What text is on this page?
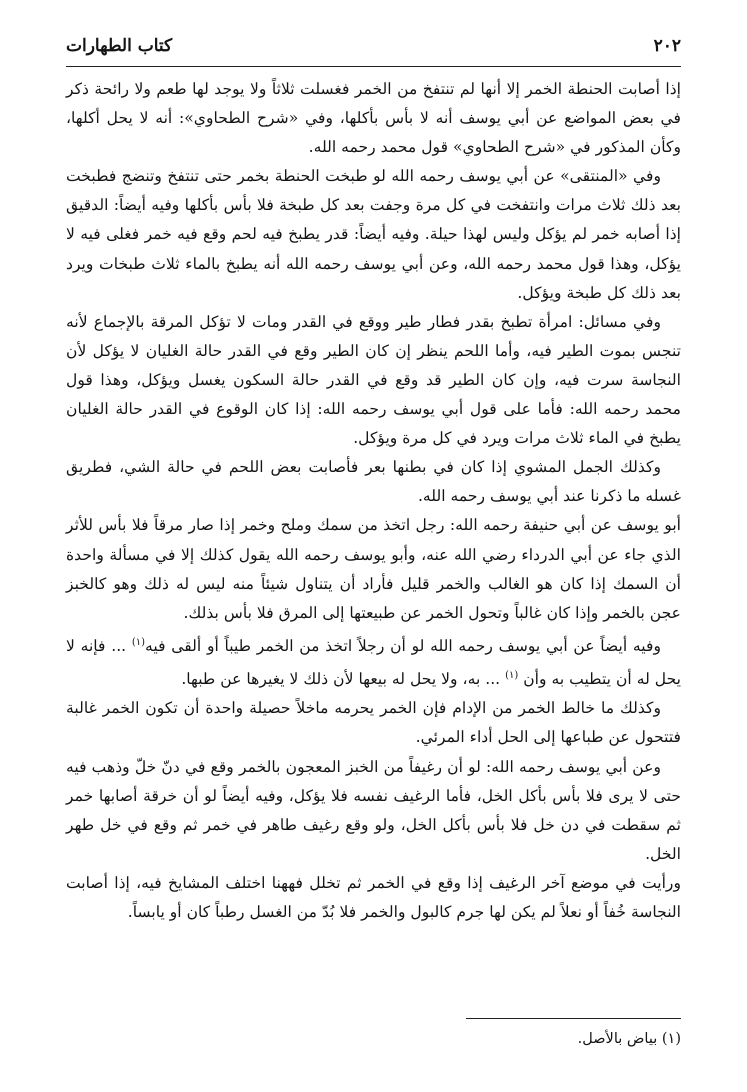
٢٠٢
كتاب الطهارات

إذا أصابت الحنطة الخمر إلا أنها لم تنتفخ من الخمر فغسلت ثلاثاً ولا يوجد لها طعم ولا رائحة ذكر في بعض المواضع عن أبي يوسف أنه لا بأس بأكلها، وفي «شرح الطحاوي»: أنه لا يحل أكلها، وكأن المذكور في «شرح الطحاوي» قول محمد رحمه الله.

وفي «المنتقى» عن أبي يوسف رحمه الله لو طبخت الحنطة بخمر حتى تنتفخ وتنضج فطبخت بعد ذلك ثلاث مرات وانتفخت في كل مرة وجفت بعد كل طبخة فلا بأس بأكلها وفيه أيضاً: الدقيق إذا أصابه خمر لم يؤكل وليس لهذا حيلة. وفيه أيضاً: قدر يطبخ فيه لحم وقع فيه خمر فغلى فيه لا يؤكل، وهذا قول محمد رحمه الله، وعن أبي يوسف رحمه الله أنه يطبخ بالماء ثلاث طبخات ويرد بعد ذلك كل طبخة ويؤكل.

وفي مسائل: امرأة تطبخ بقدر فطار طير ووقع في القدر ومات لا تؤكل المرقة بالإجماع لأنه تنجس بموت الطير فيه، وأما اللحم ينظر إن كان الطير وقع في القدر حالة الغليان لا يؤكل لأن النجاسة سرت فيه، وإن كان الطير قد وقع في القدر حالة السكون يغسل ويؤكل، وهذا قول محمد رحمه الله: فأما على قول أبي يوسف رحمه الله: إذا كان الوقوع في القدر حالة الغليان يطبخ في الماء ثلاث مرات ويرد في كل مرة ويؤكل.

وكذلك الجمل المشوي إذا كان في بطنها بعر فأصابت بعض اللحم في حالة الشي، فطريق غسله ما ذكرنا عند أبي يوسف رحمه الله.

أبو يوسف عن أبي حنيفة رحمه الله: رجل اتخذ من سمك وملح وخمر إذا صار مرقاً فلا بأس للأثر الذي جاء عن أبي الدرداء رضي الله عنه، وأبو يوسف رحمه الله يقول كذلك إلا في مسألة واحدة أن السمك إذا كان هو الغالب والخمر قليل فأراد أن يتناول شيئاً منه ليس له ذلك وهو كالخبز عجن بالخمر وإذا كان غالباً وتحول الخمر عن طبيعتها إلى المرق فلا بأس بذلك.

وفيه أيضاً عن أبي يوسف رحمه الله لو أن رجلاً اتخذ من الخمر طيباً أو ألقى فيه$^{(١)}$ ... فإنه لا يحل له أن يتطيب به وأن $^{(١)}$ ... به، ولا يحل له بيعها لأن ذلك لا يغيرها عن طبها.

وكذلك ما خالط الخمر من الإدام فإن الخمر يحرمه ماخلاً حصيلة واحدة أن تكون الخمر غالبة فتتحول عن طباعها إلى الحل أداء المرئي.

وعن أبي يوسف رحمه الله: لو أن رغيفاً من الخبز المعجون بالخمر وقع في دنّ خلّ وذهب فيه حتى لا يرى فلا بأس بأكل الخل، فأما الرغيف نفسه فلا يؤكل، وفيه أيضاً لو أن خرقة أصابها خمر ثم سقطت في دن خل فلا بأس بأكل الخل، ولو وقع رغيف طاهر في خمر ثم وقع في خل طهر الخل.

ورأيت في موضع آخر الرغيف إذا وقع في الخمر ثم تخلل فههنا اختلف المشايخ فيه، إذا أصابت النجاسة خُفاً أو نعلاً لم يكن لها جرم كالبول والخمر فلا بُدّ من الغسل رطباً كان أو يابساً.

(١) بياض بالأصل.
